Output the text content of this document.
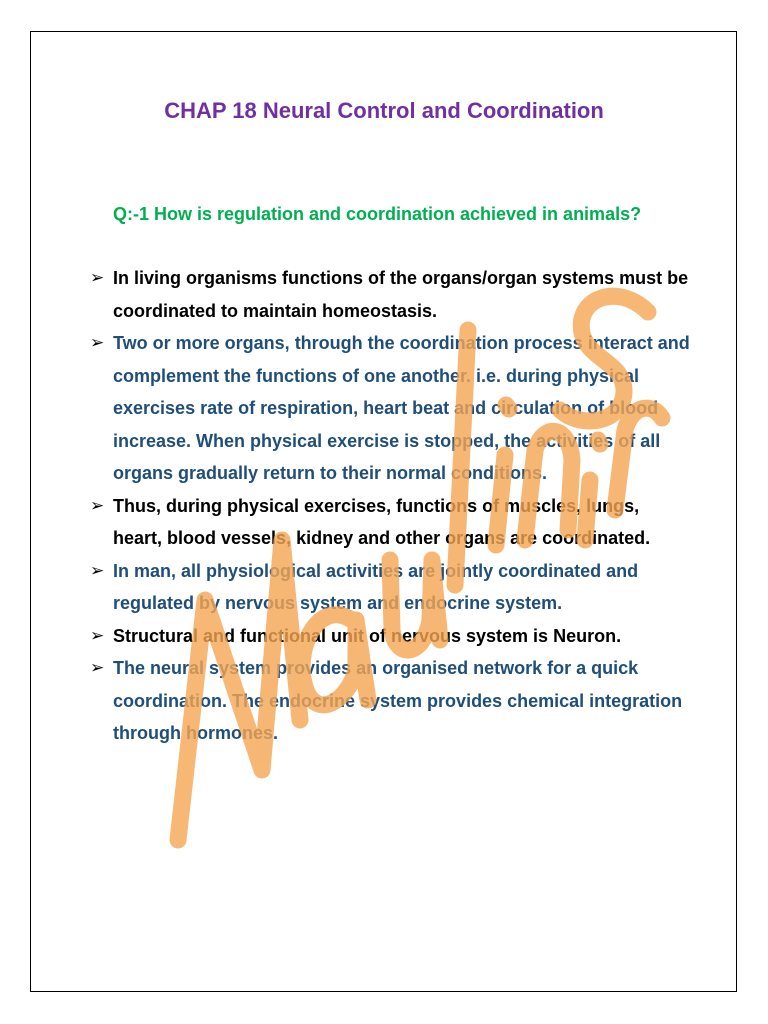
CHAP 18 Neural Control and Coordination

Q:-1 How is regulation and coordination achieved in animals?

➢ In living organisms functions of the organs/organ systems must be coordinated to maintain homeostasis.
➢ Two or more organs, through the coordination process interact and complement the functions of one another. i.e. during physical exercises rate of respiration, heart beat and circulation of blood increase. When physical exercise is stopped, the activities of all organs gradually return to their normal conditions.
➢ Thus, during physical exercises, functions of muscles, lungs, heart, blood vessels, kidney and other organs are coordinated.
➢ In man, all physiological activities are jointly coordinated and regulated by nervous system and endocrine system.
➢ Structural and functional unit of nervous system is Neuron.
➢ The neural system provides an organised network for a quick coordination. The endocrine system provides chemical integration through hormones.
